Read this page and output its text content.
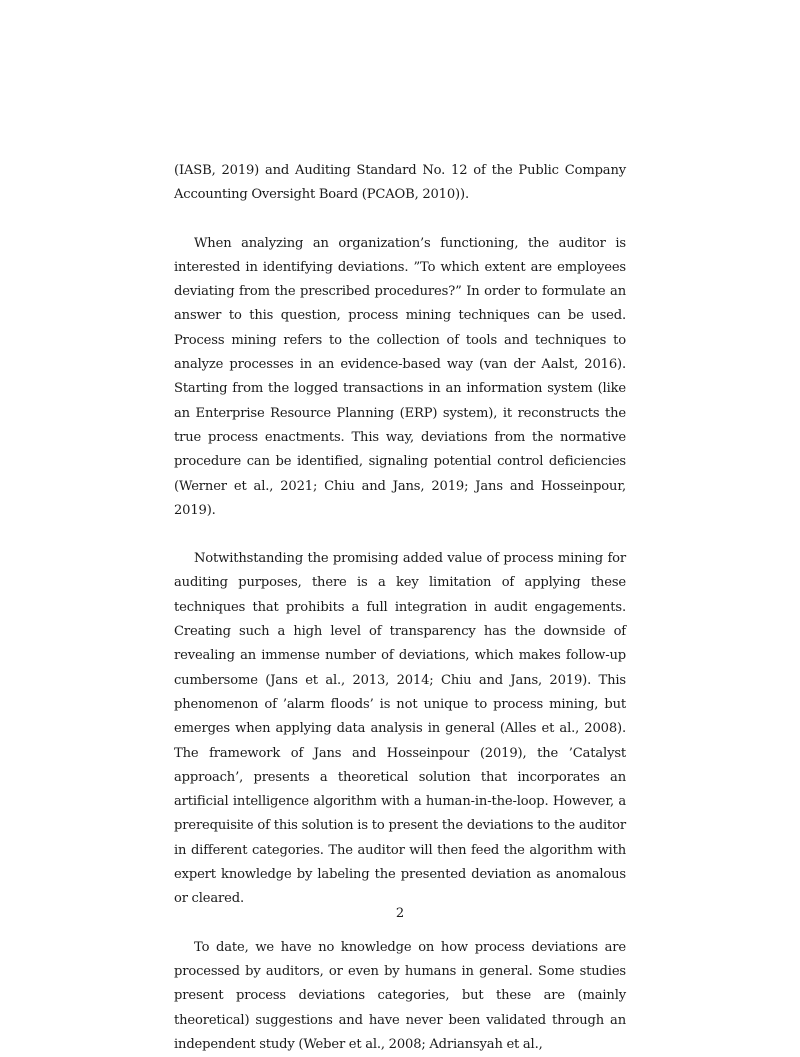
(IASB, 2019) and Auditing Standard No. 12 of the Public Company Accounting Oversight Board (PCAOB, 2010)).

When analyzing an organization’s functioning, the auditor is interested in identifying deviations. ”To which extent are employees deviating from the prescribed procedures?” In order to formulate an answer to this question, process mining techniques can be used. Process mining refers to the collection of tools and techniques to analyze processes in an evidence-based way (van der Aalst, 2016). Starting from the logged transactions in an information system (like an Enterprise Resource Planning (ERP) system), it reconstructs the true process enactments. This way, deviations from the normative procedure can be identified, signaling potential control deficiencies (Werner et al., 2021; Chiu and Jans, 2019; Jans and Hosseinpour, 2019).

Notwithstanding the promising added value of process mining for auditing purposes, there is a key limitation of applying these techniques that prohibits a full integration in audit engagements. Creating such a high level of transparency has the downside of revealing an immense number of deviations, which makes follow-up cumbersome (Jans et al., 2013, 2014; Chiu and Jans, 2019). This phenomenon of ’alarm floods’ is not unique to process mining, but emerges when applying data analysis in general (Alles et al., 2008). The framework of Jans and Hosseinpour (2019), the ’Catalyst approach’, presents a theoretical solution that incorporates an artificial intelligence algorithm with a human-in-the-loop. However, a prerequisite of this solution is to present the deviations to the auditor in different categories. The auditor will then feed the algorithm with expert knowledge by labeling the presented deviation as anomalous or cleared.

To date, we have no knowledge on how process deviations are processed by auditors, or even by humans in general. Some studies present process deviations categories, but these are (mainly theoretical) suggestions and have never been validated through an independent study (Weber et al., 2008; Adriansyah et al.,

2
